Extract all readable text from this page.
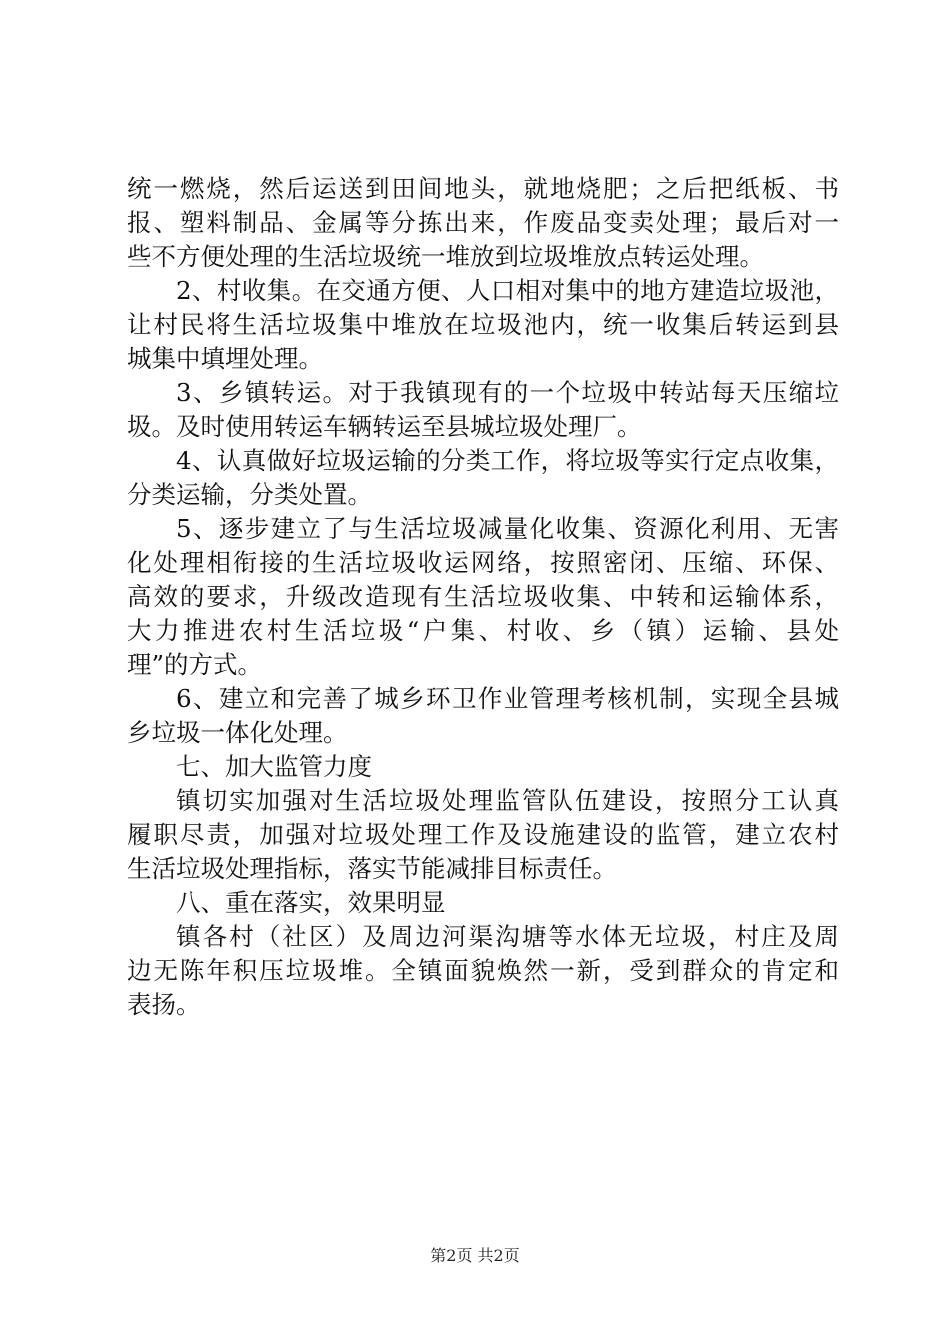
统一燃烧，然后运送到田间地头，就地烧肥；之后把纸板、书
报、塑料制品、金属等分拣出来，作废品变卖处理；最后对一
些不方便处理的生活垃圾统一堆放到垃圾堆放点转运处理。
2、村收集。在交通方便、人口相对集中的地方建造垃圾池，
让村民将生活垃圾集中堆放在垃圾池内，统一收集后转运到县
城集中填埋处理。
3、乡镇转运。对于我镇现有的一个垃圾中转站每天压缩垃
圾。及时使用转运车辆转运至县城垃圾处理厂。
4、认真做好垃圾运输的分类工作，将垃圾等实行定点收集，
分类运输，分类处置。
5、逐步建立了与生活垃圾减量化收集、资源化利用、无害
化处理相衔接的生活垃圾收运网络，按照密闭、压缩、环保、
高效的要求，升级改造现有生活垃圾收集、中转和运输体系，
大力推进农村生活垃圾“户集、村收、乡（镇）运输、县处
理”的方式。
6、建立和完善了城乡环卫作业管理考核机制，实现全县城
乡垃圾一体化处理。
七、加大监管力度
镇切实加强对生活垃圾处理监管队伍建设，按照分工认真
履职尽责，加强对垃圾处理工作及设施建设的监管，建立农村
生活垃圾处理指标，落实节能减排目标责任。
八、重在落实，效果明显
镇各村（社区）及周边河渠沟塘等水体无垃圾，村庄及周
边无陈年积压垃圾堆。全镇面貌焕然一新，受到群众的肯定和
表扬。
第2页 共2页
